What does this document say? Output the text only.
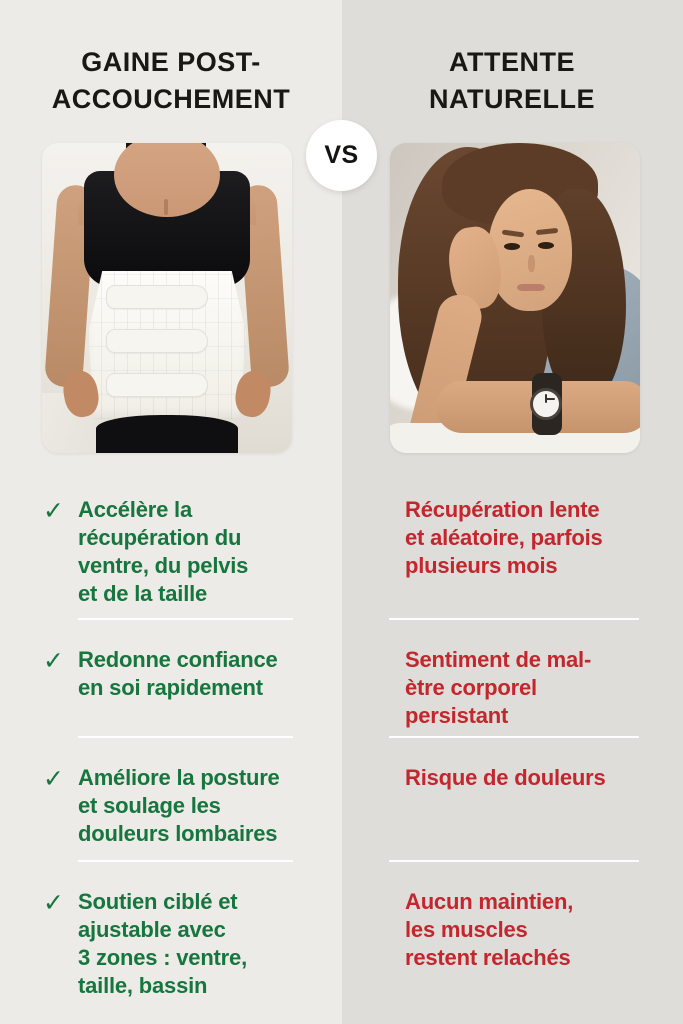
GAINE POST-
ACCOUCHEMENT
ATTENTE
NATURELLE
VS
✓ Accélère la
récupération du
ventre, du pelvis
et de la taille
✓ Redonne confiance
en soi rapidement
✓ Améliore la posture
et soulage les
douleurs lombaires
✓ Soutien ciblé et
ajustable avec
3 zones : ventre,
taille, bassin
Récupération lente
et aléatoire, parfois
plusieurs mois
Sentiment de mal-
ètre corporel
persistant
Risque de douleurs
Aucun maintien,
les muscles
restent relachés
